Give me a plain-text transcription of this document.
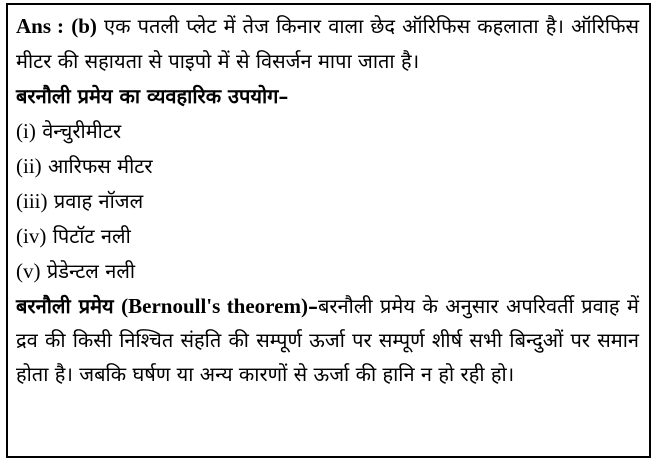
Ans : (b) एक पतली प्लेट में तेज किनार वाला छेद ऑरिफिस कहलाता है। ऑरिफिस मीटर की सहायता से पाइपो में से विसर्जन मापा जाता है।

बरनौली प्रमेय का व्यवहारिक उपयोग–

(i) वेन्चुरीमीटर

(ii) आरिफस मीटर

(iii) प्रवाह नॉजल

(iv) पिटॉट नली

(v) प्रेडेन्टल नली

बरनौली प्रमेय (Bernoull's theorem)–बरनौली प्रमेय के अनुसार अपरिवर्ती प्रवाह में द्रव की किसी निश्चित संहति की सम्पूर्ण ऊर्जा पर सम्पूर्ण शीर्ष सभी बिन्दुओं पर समान होता है। जबकि घर्षण या अन्य कारणों से ऊर्जा की हानि न हो रही हो।
